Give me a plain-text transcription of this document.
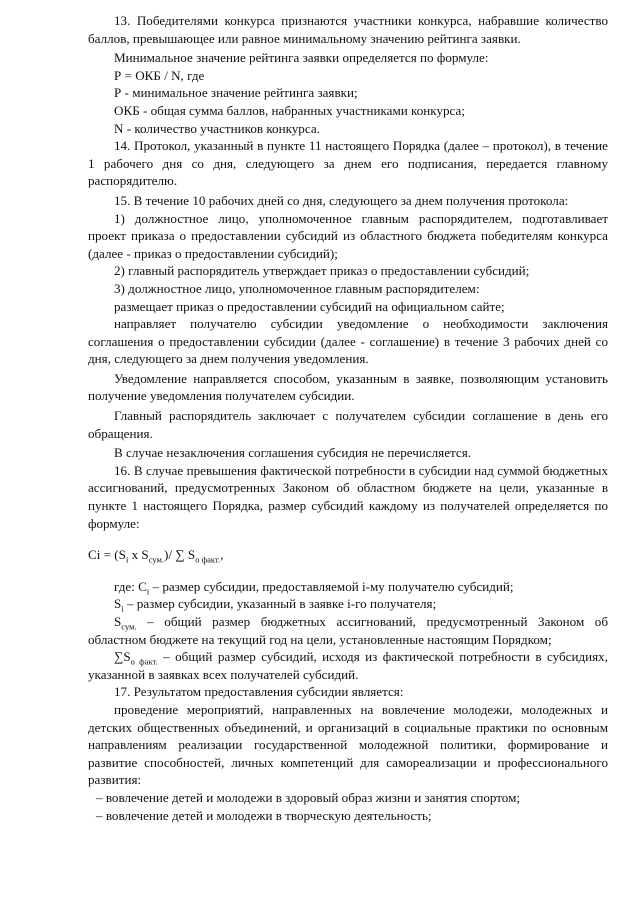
13. Победителями конкурса признаются участники конкурса, набравшие количество баллов, превышающее или равное минимальному значению рейтинга заявки.

Минимальное значение рейтинга заявки определяется по формуле:

Р = ОКБ / N, где

Р - минимальное значение рейтинга заявки;

ОКБ - общая сумма баллов, набранных участниками конкурса;

N - количество участников конкурса.

14. Протокол, указанный в пункте 11 настоящего Порядка (далее – протокол), в течение 1 рабочего дня со дня, следующего за днем его подписания, передается главному распорядителю.

15. В течение 10 рабочих дней со дня, следующего за днем получения протокола:

1) должностное лицо, уполномоченное главным распорядителем, подготавливает проект приказа о предоставлении субсидий из областного бюджета победителям конкурса (далее - приказ о предоставлении субсидий);

2) главный распорядитель утверждает приказ о предоставлении субсидий;

3) должностное лицо, уполномоченное главным распорядителем:

размещает приказ о предоставлении субсидий на официальном сайте;

направляет получателю субсидии уведомление о необходимости заключения соглашения о предоставлении субсидии (далее - соглашение) в течение 3 рабочих дней со дня, следующего за днем получения уведомления.

Уведомление направляется способом, указанным в заявке, позволяющим установить получение уведомления получателем субсидии.

Главный распорядитель заключает с получателем субсидии соглашение в день его обращения.

В случае незаключения соглашения субсидия не перечисляется.

16. В случае превышения фактической потребности в субсидии над суммой бюджетных ассигнований, предусмотренных Законом об областном бюджете на цели, указанные в пункте 1 настоящего Порядка, размер субсидий каждому из получателей определяется по формуле:

$Ci = (S_i$ x $S_{сум.})/$ ∑ $S_{о факт.}$,

где: $C_i$ – размер субсидии, предоставляемой i-му получателю субсидий;

$S_i$ – размер субсидии, указанный в заявке i-го получателя;

$S_{сум.}$ – общий размер бюджетных ассигнований, предусмотренный Законом об областном бюджете на текущий год на цели, установленные настоящим Порядком;

$\sum S_{о факт.}$ – общий размер субсидий, исходя из фактической потребности в субсидиях, указанной в заявках всех получателей субсидий.

17. Результатом предоставления субсидии является:

проведение мероприятий, направленных на вовлечение молодежи, молодежных и детских общественных объединений, и организаций в социальные практики по основным направлениям реализации государственной молодежной политики, формирование и развитие способностей, личных компетенций для самореализации и профессионального развития:

– вовлечение детей и молодежи в здоровый образ жизни и занятия спортом;

– вовлечение детей и молодежи в творческую деятельность;
